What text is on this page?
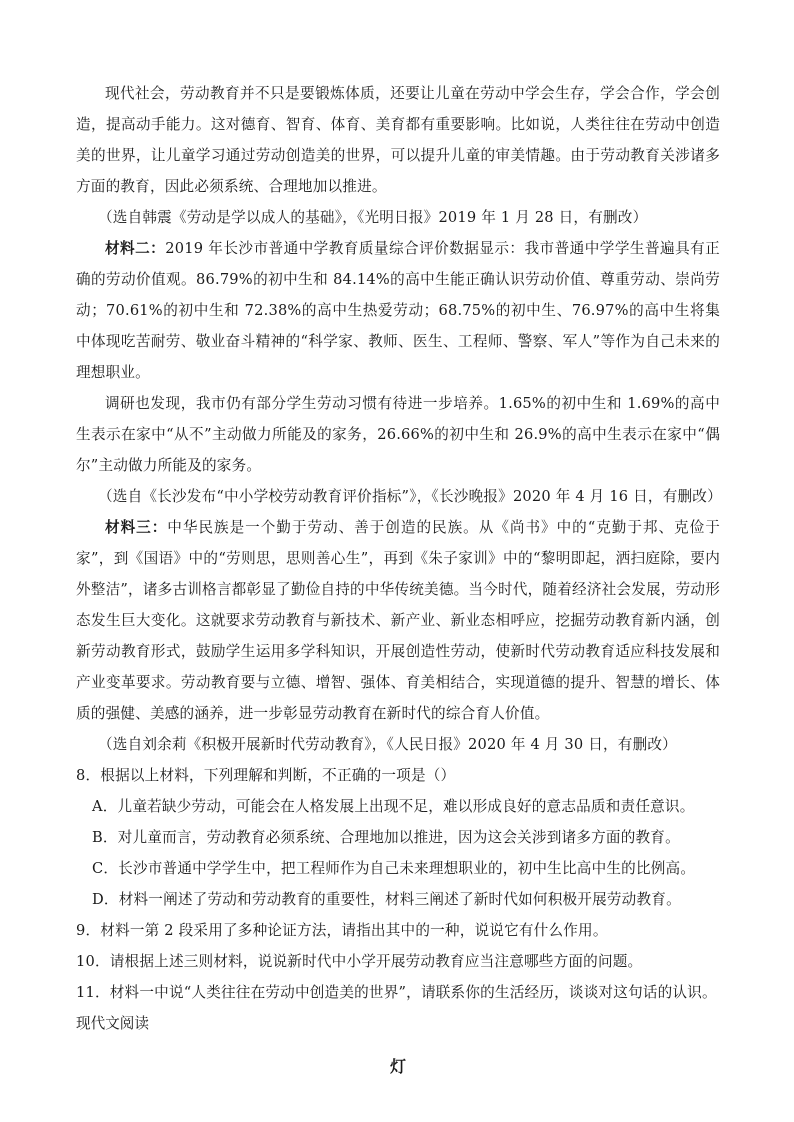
现代社会，劳动教育并不只是要锻炼体质，还要让儿童在劳动中学会生存，学会合作，学会创造，提高动手能力。这对德育、智育、体育、美育都有重要影响。比如说，人类往往在劳动中创造美的世界，让儿童学习通过劳动创造美的世界，可以提升儿童的审美情趣。由于劳动教育关涉诸多方面的教育，因此必须系统、合理地加以推进。

（选自韩震《劳动是学以成人的基础》，《光明日报》2019 年 1 月 28 日，有删改）

材料二：2019 年长沙市普通中学教育质量综合评价数据显示：我市普通中学学生普遍具有正确的劳动价值观。86.79%的初中生和 84.14%的高中生能正确认识劳动价值、尊重劳动、崇尚劳动；70.61%的初中生和 72.38%的高中生热爱劳动；68.75%的初中生、76.97%的高中生将集中体现吃苦耐劳、敬业奋斗精神的“科学家、教师、医生、工程师、警察、军人”等作为自己未来的理想职业。

调研也发现，我市仍有部分学生劳动习惯有待进一步培养。1.65%的初中生和 1.69%的高中生表示在家中“从不”主动做力所能及的家务，26.66%的初中生和 26.9%的高中生表示在家中“偶尔”主动做力所能及的家务。

（选自《长沙发布“中小学校劳动教育评价指标”》，《长沙晚报》2020 年 4 月 16 日，有删改）

材料三：中华民族是一个勤于劳动、善于创造的民族。从《尚书》中的“克勤于邦、克俭于家”，到《国语》中的“劳则思，思则善心生”，再到《朱子家训》中的“黎明即起，洒扫庭除，要内外整洁”，诸多古训格言都彰显了勤俭自持的中华传统美德。当今时代，随着经济社会发展，劳动形态发生巨大变化。这就要求劳动教育与新技术、新产业、新业态相呼应，挖掘劳动教育新内涵，创新劳动教育形式，鼓励学生运用多学科知识，开展创造性劳动，使新时代劳动教育适应科技发展和产业变革要求。劳动教育要与立德、增智、强体、育美相结合，实现道德的提升、智慧的增长、体质的强健、美感的涵养，进一步彰显劳动教育在新时代的综合育人价值。

（选自刘余莉《积极开展新时代劳动教育》，《人民日报》2020 年 4 月 30 日，有删改）

8．根据以上材料，下列理解和判断，不正确的一项是（）

A．儿童若缺少劳动，可能会在人格发展上出现不足，难以形成良好的意志品质和责任意识。

B．对儿童而言，劳动教育必须系统、合理地加以推进，因为这会关涉到诸多方面的教育。

C．长沙市普通中学学生中，把工程师作为自己未来理想职业的，初中生比高中生的比例高。

D．材料一阐述了劳动和劳动教育的重要性，材料三阐述了新时代如何积极开展劳动教育。

9．材料一第 2 段采用了多种论证方法，请指出其中的一种，说说它有什么作用。

10．请根据上述三则材料，说说新时代中小学开展劳动教育应当注意哪些方面的问题。

11．材料一中说“人类往往在劳动中创造美的世界”，请联系你的生活经历，谈谈对这句话的认识。

现代文阅读

灯
